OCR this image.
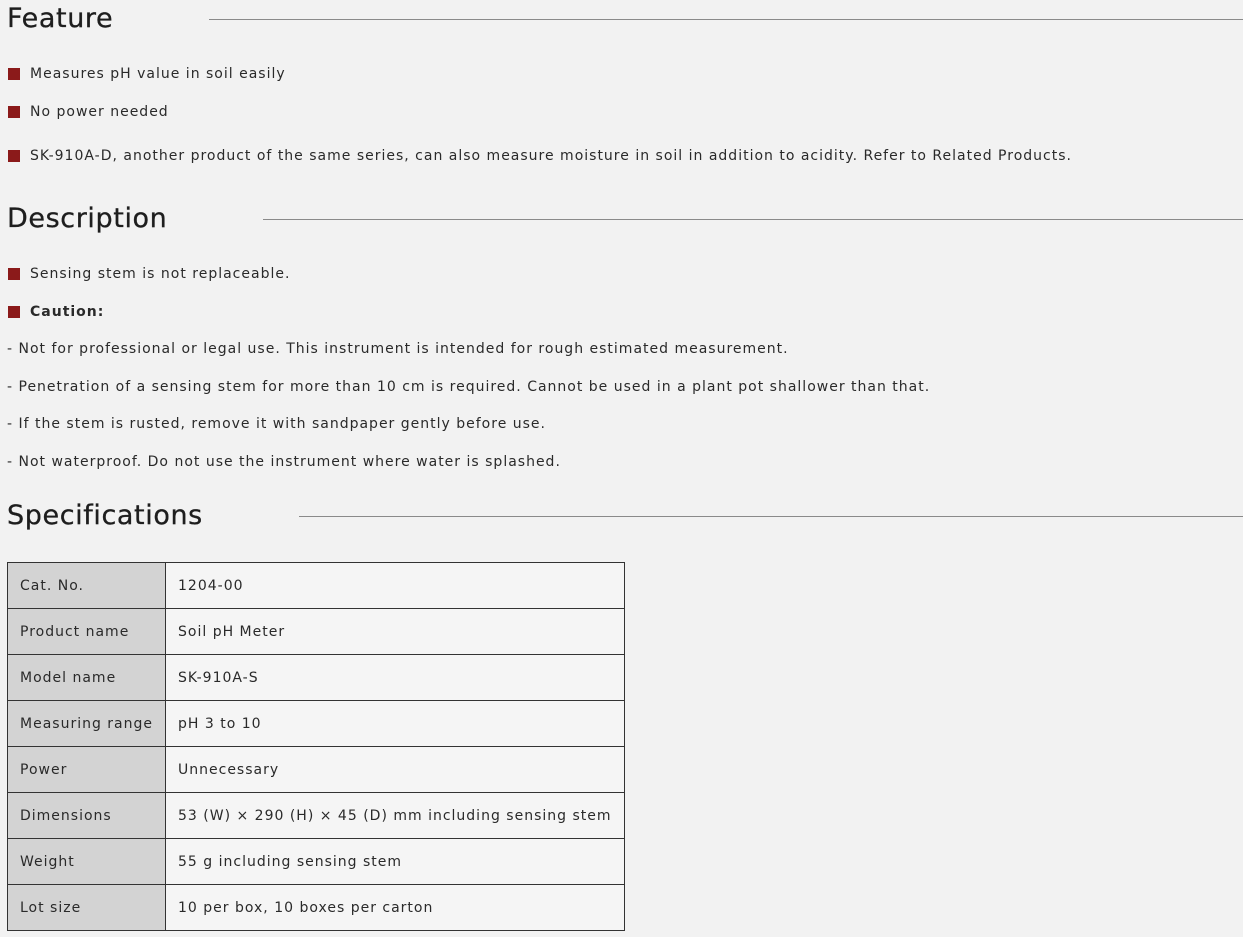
Feature
Measures pH value in soil easily
No power needed
SK-910A-D, another product of the same series, can also measure moisture in soil in addition to acidity. Refer to Related Products.
Description
Sensing stem is not replaceable.
Caution:
- Not for professional or legal use. This instrument is intended for rough estimated measurement.
- Penetration of a sensing stem for more than 10 cm is required. Cannot be used in a plant pot shallower than that.
- If the stem is rusted, remove it with sandpaper gently before use.
- Not waterproof. Do not use the instrument where water is splashed.
Specifications
Cat. No.	1204-00
Product name	Soil pH Meter
Model name	SK-910A-S
Measuring range	pH 3 to 10
Power	Unnecessary
Dimensions	53 (W) × 290 (H) × 45 (D) mm including sensing stem
Weight	55 g including sensing stem
Lot size	10 per box, 10 boxes per carton
